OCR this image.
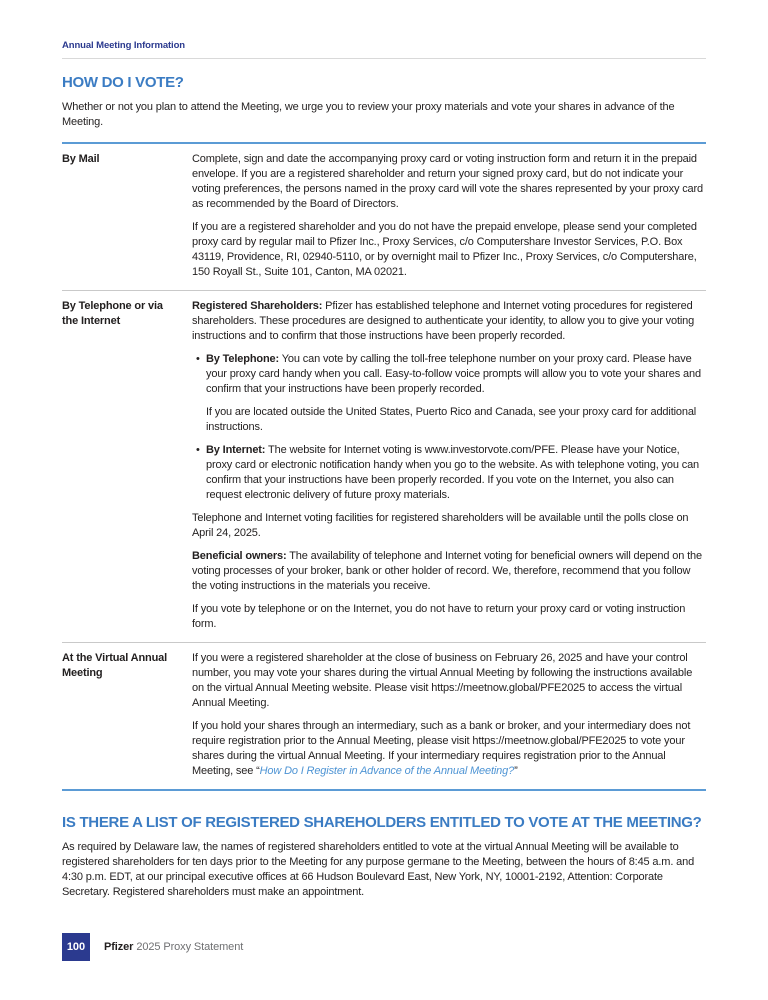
Annual Meeting Information
HOW DO I VOTE?

Whether or not you plan to attend the Meeting, we urge you to review your proxy materials and vote your shares in advance of the Meeting.

By Mail	Complete, sign and date the accompanying proxy card or voting instruction form and return it in the prepaid envelope. If you are a registered shareholder and return your signed proxy card, but do not indicate your voting preferences, the persons named in the proxy card will vote the shares represented by your proxy card as recommended by the Board of Directors.

If you are a registered shareholder and you do not have the prepaid envelope, please send your completed proxy card by regular mail to Pfizer Inc., Proxy Services, c/o Computershare Investor Services, P.O. Box 43119, Providence, RI, 02940-5110, or by overnight mail to Pfizer Inc., Proxy Services, c/o Computershare, 150 Royall St., Suite 101, Canton, MA 02021.

By Telephone or via the Internet

Registered Shareholders: Pfizer has established telephone and Internet voting procedures for registered shareholders. These procedures are designed to authenticate your identity, to allow you to give your voting instructions and to confirm that those instructions have been properly recorded.

• By Telephone: You can vote by calling the toll-free telephone number on your proxy card. Please have your proxy card handy when you call. Easy-to-follow voice prompts will allow you to vote your shares and confirm that your instructions have been properly recorded.
If you are located outside the United States, Puerto Rico and Canada, see your proxy card for additional instructions.
• By Internet: The website for Internet voting is www.investorvote.com/PFE. Please have your Notice, proxy card or electronic notification handy when you go to the website. As with telephone voting, you can confirm that your instructions have been properly recorded. If you vote on the Internet, you also can request electronic delivery of future proxy materials.

Telephone and Internet voting facilities for registered shareholders will be available until the polls close on April 24, 2025.

Beneficial owners: The availability of telephone and Internet voting for beneficial owners will depend on the voting processes of your broker, bank or other holder of record. We, therefore, recommend that you follow the voting instructions in the materials you receive.

If you vote by telephone or on the Internet, you do not have to return your proxy card or voting instruction form.

At the Virtual Annual Meeting

If you were a registered shareholder at the close of business on February 26, 2025 and have your control number, you may vote your shares during the virtual Annual Meeting by following the instructions available on the virtual Annual Meeting website. Please visit https://meetnow.global/PFE2025 to access the virtual Annual Meeting.

If you hold your shares through an intermediary, such as a bank or broker, and your intermediary does not require registration prior to the Annual Meeting, please visit https://meetnow.global/PFE2025 to vote your shares during the virtual Annual Meeting. If your intermediary requires registration prior to the Annual Meeting, see “How Do I Register in Advance of the Annual Meeting?”

IS THERE A LIST OF REGISTERED SHAREHOLDERS ENTITLED TO VOTE AT THE MEETING?

As required by Delaware law, the names of registered shareholders entitled to vote at the virtual Annual Meeting will be available to registered shareholders for ten days prior to the Meeting for any purpose germane to the Meeting, between the hours of 8:45 a.m. and 4:30 p.m. EDT, at our principal executive offices at 66 Hudson Boulevard East, New York, NY, 10001-2192, Attention: Corporate Secretary. Registered shareholders must make an appointment.

100	Pfizer 2025 Proxy Statement
